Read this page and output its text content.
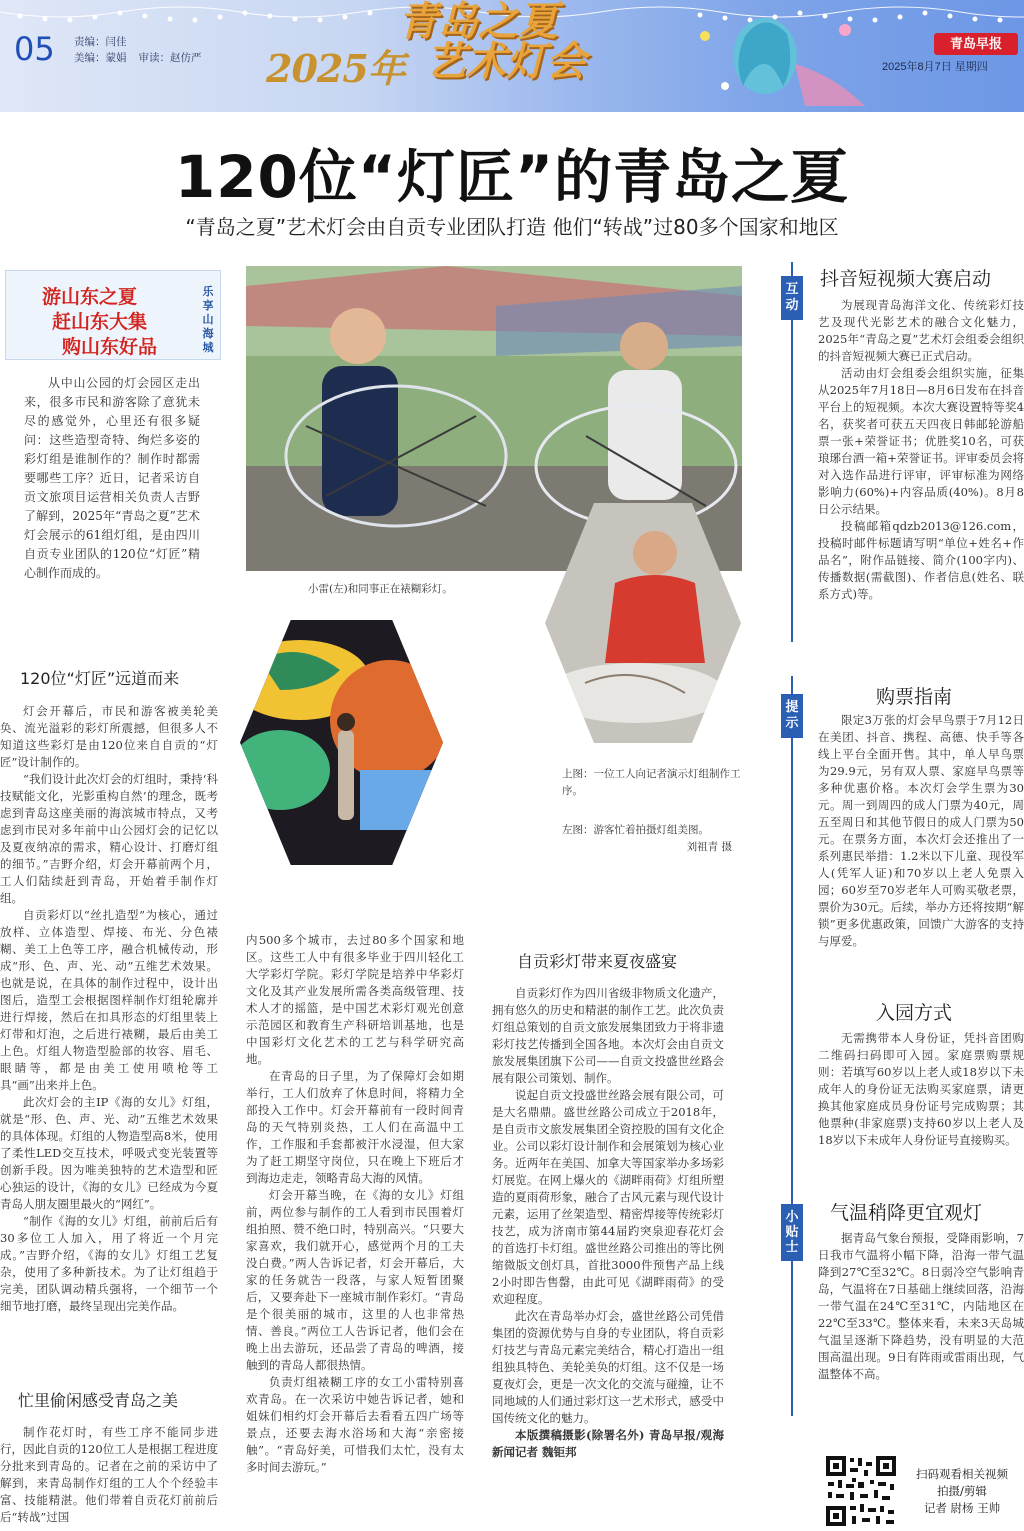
05 责编：闫佳
美编：蒙娟 审读：赵仿严	2025年
青岛之夏
艺术灯会	青岛早报
2025年8月7日 星期四
120位“灯匠”的青岛之夏
“青岛之夏”艺术灯会由自贡专业团队打造 他们“转战”过80多个国家和地区
游山东之夏
赶山东大集
购山东好品
乐享山海城

从中山公园的灯会园区走出来，很多市民和游客除了意犹未尽的感觉外，心里还有很多疑问：这些造型奇特、绚烂多姿的彩灯组是谁制作的？制作时都需要哪些工序？近日，记者采访自贡文旅项目运营相关负责人吉野了解到，2025年“青岛之夏”艺术灯会展示的61组灯组，是由四川自贡专业团队的120位“灯匠”精心制作而成的。

120位“灯匠”远道而来

灯会开幕后，市民和游客被美轮美奂、流光溢彩的彩灯所震撼，但很多人不知道这些彩灯是由120位来自自贡的“灯匠”设计制作的。

“我们设计此次灯会的灯组时，秉持‘科技赋能文化，光影重构自然’的理念，既考虑到青岛这座美丽的海滨城市特点，又考虑到市民对多年前中山公园灯会的记忆以及夏夜纳凉的需求，精心设计、打磨灯组的细节。”吉野介绍，灯会开幕前两个月，工人们陆续赶到青岛，开始着手制作灯组。

自贡彩灯以“丝扎造型”为核心，通过放样、立体造型、焊接、布光、分色裱糊、美工上色等工序，融合机械传动，形成“形、色、声、光、动”五维艺术效果。也就是说，在具体的制作过程中，设计出图后，造型工会根据图样制作灯组轮廓并进行焊接，然后在扣具形态的灯组里装上灯带和灯泡，之后进行裱糊，最后由美工上色。灯组人物造型脸部的妆容、眉毛、眼睛等，都是由美工使用喷枪等工具“画”出来并上色。

此次灯会的主IP《海的女儿》灯组，就是“形、色、声、光、动”五维艺术效果的具体体现。灯组的人物造型高8米，使用了柔性LED交互技术，呼吸式变光装置等创新手段。因为唯美独特的艺术造型和匠心独运的设计，《海的女儿》已经成为今夏青岛人朋友圈里最火的“网红”。

“制作《海的女儿》灯组，前前后后有30多位工人加入，用了将近一个月完成。”吉野介绍，《海的女儿》灯组工艺复杂，使用了多种新技术。为了让灯组趋于完美，团队调动精兵强将，一个细节一个细节地打磨，最终呈现出完美作品。

忙里偷闲感受青岛之美

制作花灯时，有些工序不能同步进行，因此自贡的120位工人是根据工程进度分批来到青岛的。记者在之前的采访中了解到，来青岛制作灯组的工人个个经验丰富、技能精湛。他们带着自贡花灯前前后后“转战”过国

小雷(左)和同事正在裱糊彩灯。
上图：一位工人向记者演示灯组制作工序。
左图：游客忙着拍摄灯组美图。
刘祖青 摄

内500多个城市，去过80多个国家和地区。这些工人中有很多毕业于四川轻化工大学彩灯学院。彩灯学院是培养中华彩灯文化及其产业发展所需各类高级管理、技术人才的摇篮，是中国艺术彩灯观光创意示范园区和教育生产科研培训基地，也是中国彩灯文化艺术的工艺与科学研究高地。

在青岛的日子里，为了保障灯会如期举行，工人们放弃了休息时间，将精力全部投入工作中。灯会开幕前有一段时间青岛的天气特别炎热，工人们在高温中工作，工作服和手套都被汗水浸湿，但大家为了赶工期坚守岗位，只在晚上下班后才到海边走走，领略青岛大海的风情。

灯会开幕当晚，在《海的女儿》灯组前，两位参与制作的工人看到市民围着灯组拍照、赞不绝口时，特别高兴。“只要大家喜欢，我们就开心，感觉两个月的工夫没白费。”两人告诉记者，灯会开幕后，大家的任务就告一段落，与家人短暂团聚后，又要奔赴下一座城市制作彩灯。“青岛是个很美丽的城市，这里的人也非常热情、善良。”两位工人告诉记者，他们会在晚上出去游玩，还品尝了青岛的啤酒，接触到的青岛人都很热情。

负责灯组裱糊工序的女工小雷特别喜欢青岛。在一次采访中她告诉记者，她和姐妹们相约灯会开幕后去看看五四广场等景点，还要去海水浴场和大海“亲密接触”。“青岛好美，可惜我们太忙，没有太多时间去游玩。”

自贡彩灯带来夏夜盛宴

自贡彩灯作为四川省级非物质文化遗产，拥有悠久的历史和精湛的制作工艺。此次负责灯组总策划的自贡文旅发展集团致力于将非遗彩灯技艺传播到全国各地。本次灯会由自贡文旅发展集团旗下公司——自贡文投盛世丝路会展有限公司策划、制作。

说起自贡文投盛世丝路会展有限公司，可是大名鼎鼎。盛世丝路公司成立于2018年，是自贡市文旅发展集团全资控股的国有文化企业。公司以彩灯设计制作和会展策划为核心业务。近两年在美国、加拿大等国家举办多场彩灯展览。在网上爆火的《湖畔雨荷》灯组所塑造的夏雨荷形象，融合了古风元素与现代设计元素，运用了丝架造型、精密焊接等传统彩灯技艺，成为济南市第44届趵突泉迎春花灯会的首选打卡灯组。盛世丝路公司推出的等比例缩微版文创灯具，首批3000件预售产品上线2小时即告售罄，由此可见《湖畔雨荷》的受欢迎程度。

此次在青岛举办灯会，盛世丝路公司凭借集团的资源优势与自身的专业团队，将自贡彩灯技艺与青岛元素完美结合，精心打造出一组组独具特色、美轮美奂的灯组。这不仅是一场夏夜灯会，更是一次文化的交流与碰撞，让不同地域的人们通过彩灯这一艺术形式，感受中国传统文化的魅力。

本版撰稿摄影(除署名外) 青岛早报/观海新闻记者 魏钜邦

互动
抖音短视频大赛启动

为展现青岛海洋文化、传统彩灯技艺及现代光影艺术的融合文化魅力，2025年“青岛之夏”艺术灯会组委会组织的抖音短视频大赛已正式启动。

活动由灯会组委会组织实施，征集从2025年7月18日—8月6日发布在抖音平台上的短视频。本次大赛设置特等奖4名，获奖者可获五天四夜日韩邮轮游船票一张+荣誉证书；优胜奖10名，可获琅琊台酒一箱+荣誉证书。评审委员会将对入选作品进行评审，评审标准为网络影响力(60%)+内容品质(40%)。8月8日公示结果。

投稿邮箱qdzb2013@126.com，投稿时邮件标题请写明“单位+姓名+作品名”，附作品链接、简介(100字内)、传播数据(需截图)、作者信息(姓名、联系方式)等。

提示
购票指南

限定3万张的灯会早鸟票于7月12日在美团、抖音、携程、高德、快手等各线上平台全面开售。其中，单人早鸟票为29.9元，另有双人票、家庭早鸟票等多种优惠价格。本次灯会学生票为30元。周一到周四的成人门票为40元，周五至周日和其他节假日的成人门票为50元。在票务方面，本次灯会还推出了一系列惠民举措：1.2米以下儿童、现役军人(凭军人证)和70岁以上老人免票入园；60岁至70岁老年人可购买敬老票，票价为30元。后续，举办方还将按期“解锁”更多优惠政策，回馈广大游客的支持与厚爱。

入园方式

无需携带本人身份证，凭抖音团购二维码扫码即可入园。家庭票购票规则：若填写60岁以上老人或18岁以下未成年人的身份证无法购买家庭票，请更换其他家庭成员身份证号完成购票；其他票种(非家庭票)支持60岁以上老人及18岁以下未成年人身份证号直接购买。

小贴士
气温稍降更宜观灯

据青岛气象台预报，受降雨影响，7日我市气温将小幅下降，沿海一带气温降到27℃至32℃。8日弱冷空气影响青岛，气温将在7日基础上继续回落，沿海一带气温在24℃至31℃，内陆地区在22℃至33℃。整体来看，未来3天岛城气温呈逐渐下降趋势，没有明显的大范围高温出现。9日有阵雨或雷雨出现，气温整体不高。

扫码观看相关视频
拍摄/剪辑
记者 尉杨 王帅
